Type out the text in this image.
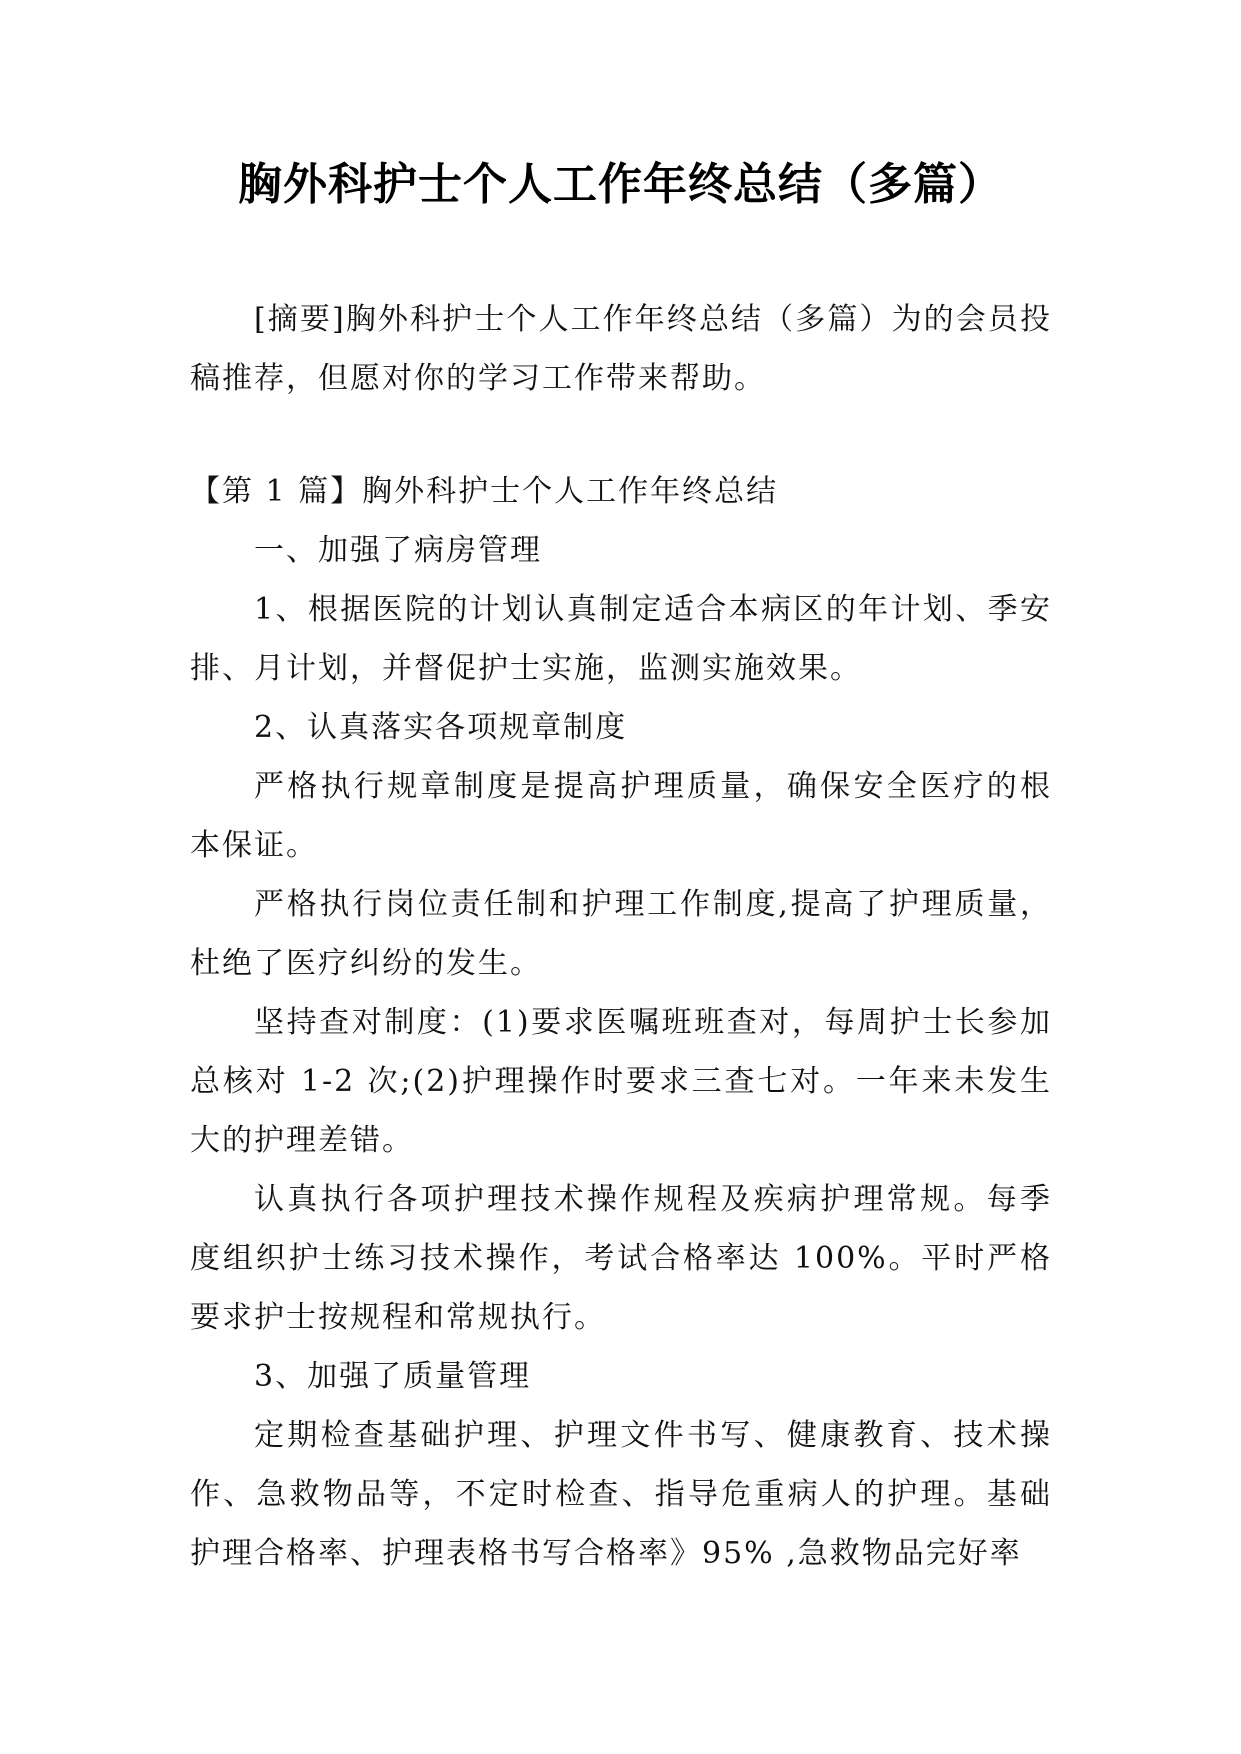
胸外科护士个人工作年终总结（多篇）

[摘要]胸外科护士个人工作年终总结（多篇）为的会员投稿推荐，但愿对你的学习工作带来帮助。

【第 1 篇】胸外科护士个人工作年终总结

一、加强了病房管理

1、根据医院的计划认真制定适合本病区的年计划、季安排、月计划，并督促护士实施，监测实施效果。

2、认真落实各项规章制度

严格执行规章制度是提高护理质量，确保安全医疗的根本保证。

严格执行岗位责任制和护理工作制度,提高了护理质量，杜绝了医疗纠纷的发生。

坚持查对制度：(1)要求医嘱班班查对，每周护士长参加总核对 1-2 次;(2)护理操作时要求三查七对。一年来未发生大的护理差错。

认真执行各项护理技术操作规程及疾病护理常规。每季度组织护士练习技术操作，考试合格率达 100%。平时严格要求护士按规程和常规执行。

3、加强了质量管理

定期检查基础护理、护理文件书写、健康教育、技术操作、急救物品等，不定时检查、指导危重病人的护理。基础护理合格率、护理表格书写合格率》95% ,急救物品完好率
